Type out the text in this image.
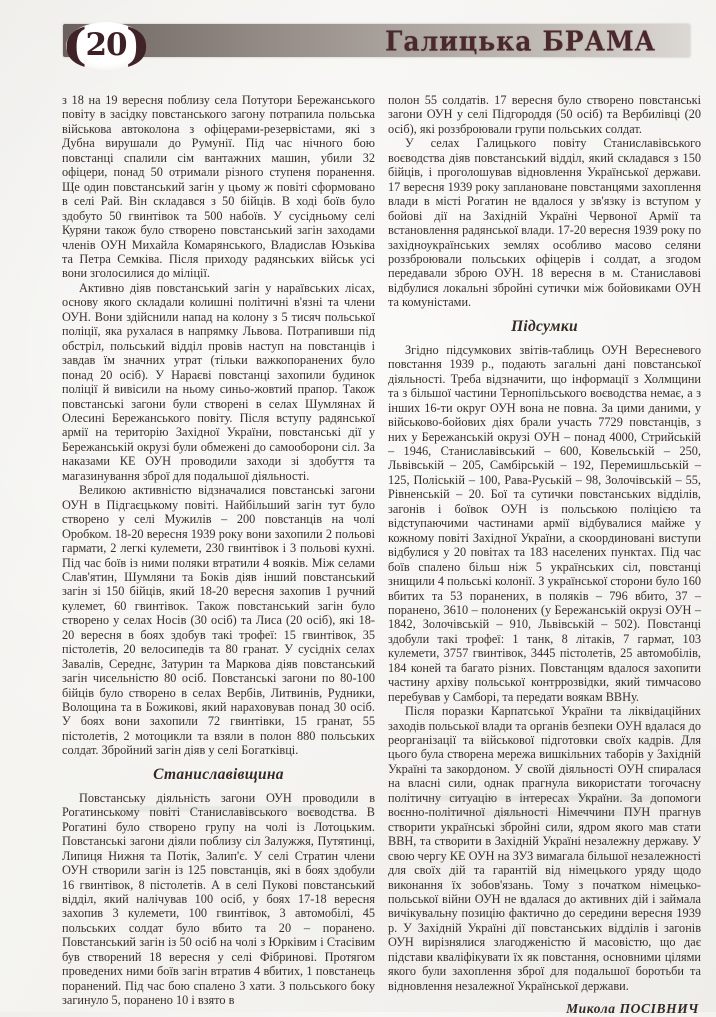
(
20
)	Галицька БРАМА

з 18 на 19 вересня поблизу села Потутори Бережанського повіту в засідку повстанського загону потрапила польська військова автоколона з офіцерами-резервістами, які з Дубна вирушали до Румунії. Під час нічного бою повстанці спалили сім вантажних машин, убили 32 офіцери, понад 50 отримали різного ступеня поранення. Ще один повстанський загін у цьому ж повіті сформовано в селі Рай. Він складався з 50 бійців. В ході боїв було здобуто 50 гвинтівок та 500 набоїв. У сусідньому селі Куряни також було створено повстанський загін заходами членів ОУН Михайла Комарянського, Владислав Юзьківа та Петра Семківа. Після приходу радянських військ усі вони зголосилися до міліції.

Активно діяв повстанський загін у нараївських лісах, основу якого складали колишні політичні в'язні та члени ОУН. Вони здійснили напад на колону з 5 тисяч польської поліції, яка рухалася в напрямку Львова. Потрапивши під обстріл, польський відділ провів наступ на повстанців і завдав їм значних утрат (тільки важкопоранених було понад 20 осіб). У Нараєві повстанці захопили будинок поліції й вивісили на ньому синьо-жовтий прапор. Також повстанські загони були створені в селах Шумлянах й Олесині Бережанського повіту. Після вступу радянської армії на територію Західної України, повстанські дії у Бережанській окрузі були обмежені до самооборони сіл. За наказами КЕ ОУН проводили заходи зі здобуття та магазинування зброї для подальшої діяльності.

Великою активністю відзначалися повстанські загони ОУН в Підгаєцькому повіті. Найбільший загін тут було створено у селі Мужилів – 200 повстанців на чолі Оробком. 18-20 вересня 1939 року вони захопили 2 польові гармати, 2 легкі кулемети, 230 гвинтівок і 3 польові кухні. Під час боїв із ними поляки втратили 4 вояків. Між селами Слав'ятин, Шумляни та Боків діяв інший повстанський загін зі 150 бійців, який 18-20 вересня захопив 1 ручний кулемет, 60 гвинтівок. Також повстанський загін було створено у селах Носів (30 осіб) та Лиса (20 осіб), які 18-20 вересня в боях здобув такі трофеї: 15 гвинтівок, 35 пістолетів, 20 велосипедів та 80 гранат. У сусідніх селах Завалів, Середнє, Затурин та Маркова діяв повстанський загін чисельністю 80 осіб. Повстанські загони по 80-100 бійців було створено в селах Вербів, Литвинів, Рудники, Волощина та в Божикові, який нараховував понад 30 осіб. У боях вони захопили 72 гвинтівки, 15 гранат, 55 пістолетів, 2 мотоцикли та взяли в полон 880 польських солдат. Збройний загін діяв у селі Богатківці.

Станиславівщина

Повстанську діяльність загони ОУН проводили в Рогатинському повіті Станиславівського воєводства. В Рогатині було створено групу на чолі із Лотоцьким. Повстанські загони діяли поблизу сіл Залужжя, Путятинці, Липиця Нижня та Потік, Залип'є. У селі Стратин члени ОУН створили загін із 125 повстанців, які в боях здобули 16 гвинтівок, 8 пістолетів. А в селі Пукові повстанський відділ, який налічував 100 осіб, у боях 17-18 вересня захопив 3 кулемети, 100 гвинтівок, 3 автомобілі, 45 польських солдат було вбито та 20 – поранено. Повстанський загін із 50 осіб на чолі з Юрківим і Стасівим був створений 18 вересня у селі Фібринові. Протягом проведених ними боїв загін втратив 4 вбитих, 1 повстанець поранений. Під час бою спалено 3 хати. З польського боку загинуло 5, поранено 10 і взято в

полон 55 солдатів. 17 вересня було створено повстанські загони ОУН у селі Підгороддя (50 осіб) та Вербилівці (20 осіб), які роззброювали групи польських солдат.

У селах Галицького повіту Станиславівського воєводства діяв повстанський відділ, який складався з 150 бійців, і проголошував відновлення Української держави. 17 вересня 1939 року заплановане повстанцями захоплення влади в місті Рогатин не вдалося у зв'язку із вступом у бойові дії на Західній Україні Червоної Армії та встановлення радянської влади. 17-20 вересня 1939 року по західноукраїнських землях особливо масово селяни роззброювали польських офіцерів і солдат, а згодом передавали зброю ОУН. 18 вересня в м. Станиславові відбулися локальні збройні сутички між бойовиками ОУН та комуністами.

Підсумки

Згідно підсумкових звітів-таблиць ОУН Вересневого повстання 1939 р., подають загальні дані повстанської діяльності. Треба відзначити, що інформації з Холмщини та з більшої частини Тернопільського воєводства немає, а з інших 16-ти округ ОУН вона не повна. За цими даними, у військово-бойових діях брали участь 7729 повстанців, з них у Бережанській окрузі ОУН – понад 4000, Стрийській – 1946, Станиславівський – 600, Ковельській – 250, Львівській – 205, Самбірській – 192, Перемишльській – 125, Поліській – 100, Рава-Руській – 98, Золочівській – 55, Рівненській – 20. Бої та сутички повстанських відділів, загонів і боївок ОУН із польською поліцією та відступаючими частинами армії відбувалися майже у кожному повіті Західної України, а скоординовані виступи відбулися у 20 повітах та 183 населених пунктах. Під час боїв спалено більш ніж 5 українських сіл, повстанці знищили 4 польські колонії. З української сторони було 160 вбитих та 53 поранених, в поляків – 796 вбито, 37 – поранено, 3610 – полонених (у Бережанській окрузі ОУН – 1842, Золочівській – 910, Львівській – 502). Повстанці здобули такі трофеї: 1 танк, 8 літаків, 7 гармат, 103 кулемети, 3757 гвинтівок, 3445 пістолетів, 25 автомобілів, 184 коней та багато різних. Повстанцям вдалося захопити частину архіву польської контррозвідки, який тимчасово перебував у Самборі, та передати воякам ВВНу.

Після поразки Карпатської України та ліквідаційних заходів польської влади та органів безпеки ОУН вдалася до реорганізації та військової підготовки своїх кадрів. Для цього була створена мережа вишкільних таборів у Західній Україні та закордоном. У своїй діяльності ОУН спиралася на власні сили, однак прагнула використати тогочасну політичну ситуацію в інтересах України. За допомоги воєнно-політичної діяльності Німеччини ПУН прагнув створити українські збройні сили, ядром якого мав стати ВВН, та створити в Західній Україні незалежну державу. У свою чергу КЕ ОУН на ЗУЗ вимагала більшої незалежності для своїх дій та гарантій від німецького уряду щодо виконання їх зобов'язань. Тому з початком німецько-польської війни ОУН не вдалася до активних дій і займала вичікувальну позицію фактично до середини вересня 1939 р. У Західній Україні дії повстанських відділів і загонів ОУН вирізнялися злагодженістю й масовістю, що дає підстави кваліфікувати їх як повстання, основними цілями якого були захоплення зброї для подальшої боротьби та відновлення незалежної Української держави.

Микола ПОСІВНИЧ
